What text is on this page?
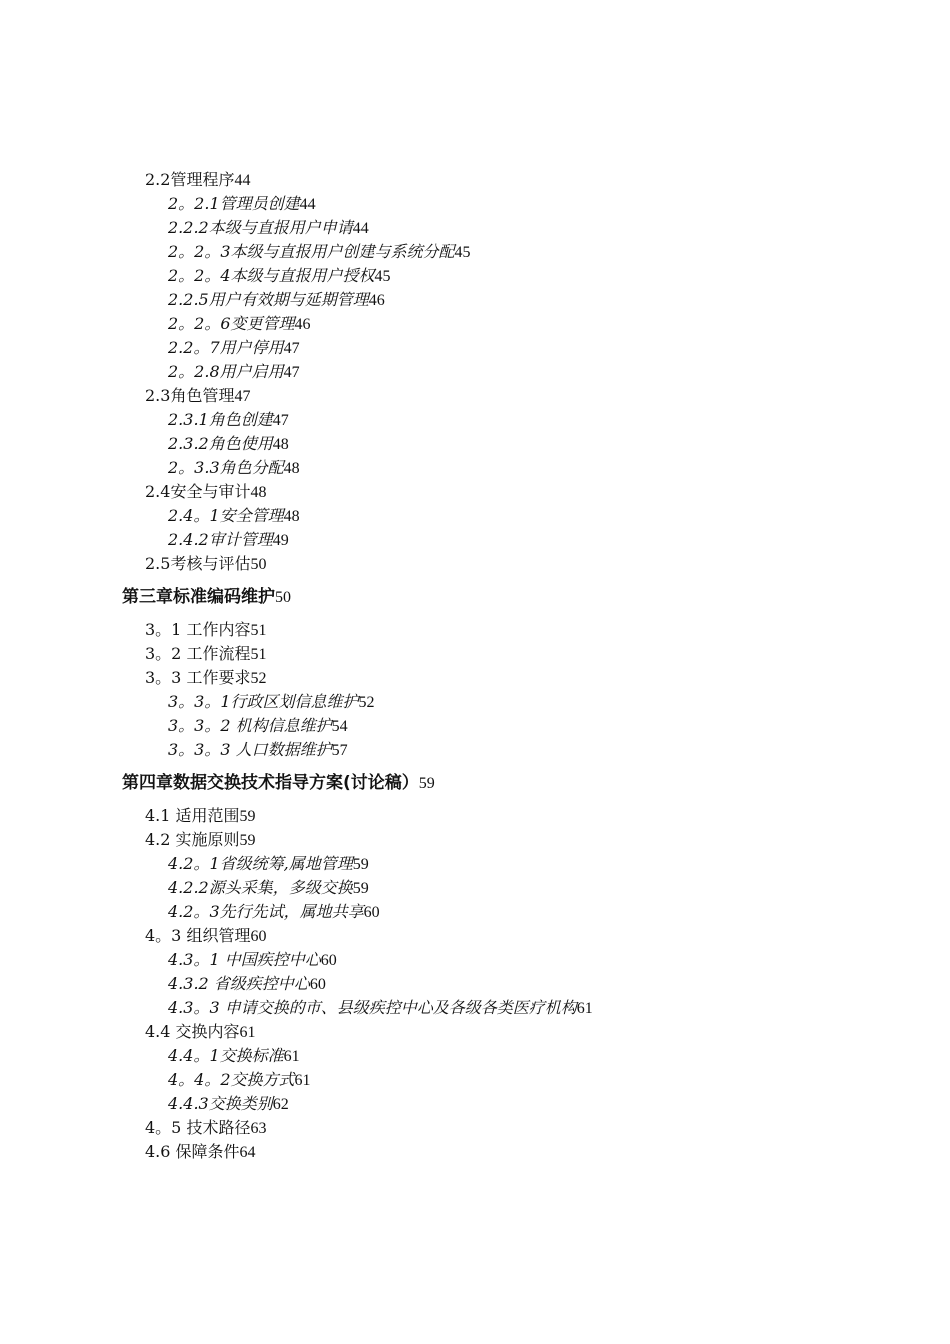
2.2管理程序44
2。2.1管理员创建44
2.2.2本级与直报用户申请44
2。2。3本级与直报用户创建与系统分配45
2。2。4本级与直报用户授权45
2.2.5用户有效期与延期管理46
2。2。6变更管理46
2.2。7用户停用47
2。2.8用户启用47
2.3角色管理47
2.3.1角色创建47
2.3.2角色使用48
2。3.3角色分配48
2.4安全与审计48
2.4。1安全管理48
2.4.2审计管理49
2.5考核与评估50
第三章标准编码维护50
3。1 工作内容51
3。2 工作流程51
3。3 工作要求52
3。3。1行政区划信息维护52
3。3。2 机构信息维护54
3。3。3 人口数据维护57
第四章数据交换技术指导方案(讨论稿）59
4.1 适用范围59
4.2 实施原则59
4.2。1省级统筹,属地管理59
4.2.2源头采集，多级交换59
4.2。3先行先试，属地共享60
4。3 组织管理60
4.3。1 中国疾控中心60
4.3.2 省级疾控中心60
4.3。3 申请交换的市、县级疾控中心及各级各类医疗机构61
4.4 交换内容61
4.4。1交换标准61
4。4。2交换方式61
4.4.3交换类别62
4。5 技术路径63
4.6 保障条件64
